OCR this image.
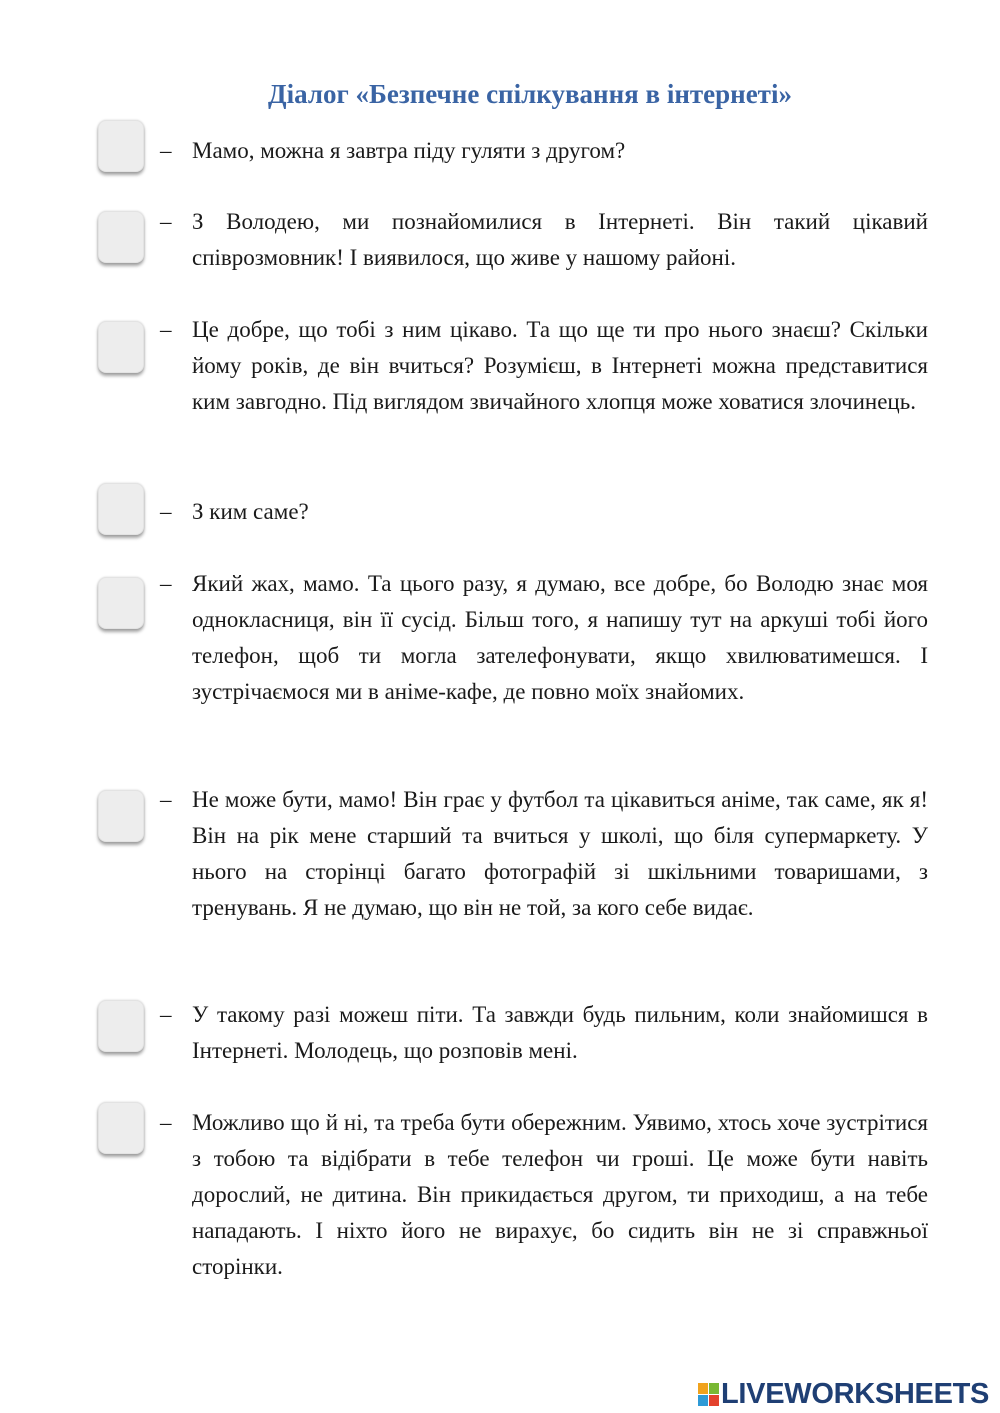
Діалог «Безпечне спілкування в інтернеті»
– Мамо, можна я завтра піду гуляти з другом?
– З Володею, ми познайомилися в Інтернеті. Він такий цікавий співрозмовник! І виявилося, що живе у нашому районі.
– Це добре, що тобі з ним цікаво. Та що ще ти про нього знаєш? Скільки йому років, де він вчиться? Розумієш, в Інтернеті можна представитися ким завгодно. Під виглядом звичайного хлопця може ховатися злочинець.
– З ким саме?
– Який жах, мамо. Та цього разу, я думаю, все добре, бо Володю знає моя однокласниця, він її сусід. Більш того, я напишу тут на аркуші тобі його телефон, щоб ти могла зателефонувати, якщо хвилюватимешся. І зустрічаємося ми в аніме-кафе, де повно моїх знайомих.
– Не може бути, мамо! Він грає у футбол та цікавиться аніме, так саме, як я! Він на рік мене старший та вчиться у школі, що біля супермаркету. У нього на сторінці багато фотографій зі шкільними товаришами, з тренувань. Я не думаю, що він не той, за кого себе видає.
– У такому разі можеш піти. Та завжди будь пильним, коли знайомишся в Інтернеті. Молодець, що розповів мені.
– Можливо що й ні, та треба бути обережним. Уявимо, хтось хоче зустрітися з тобою та відібрати в тебе телефон чи гроші. Це може бути навіть дорослий, не дитина. Він прикидається другом, ти приходиш, а на тебе нападають. І ніхто його не вирахує, бо сидить він не зі справжньої сторінки.
LIVEWORKSHEETS
